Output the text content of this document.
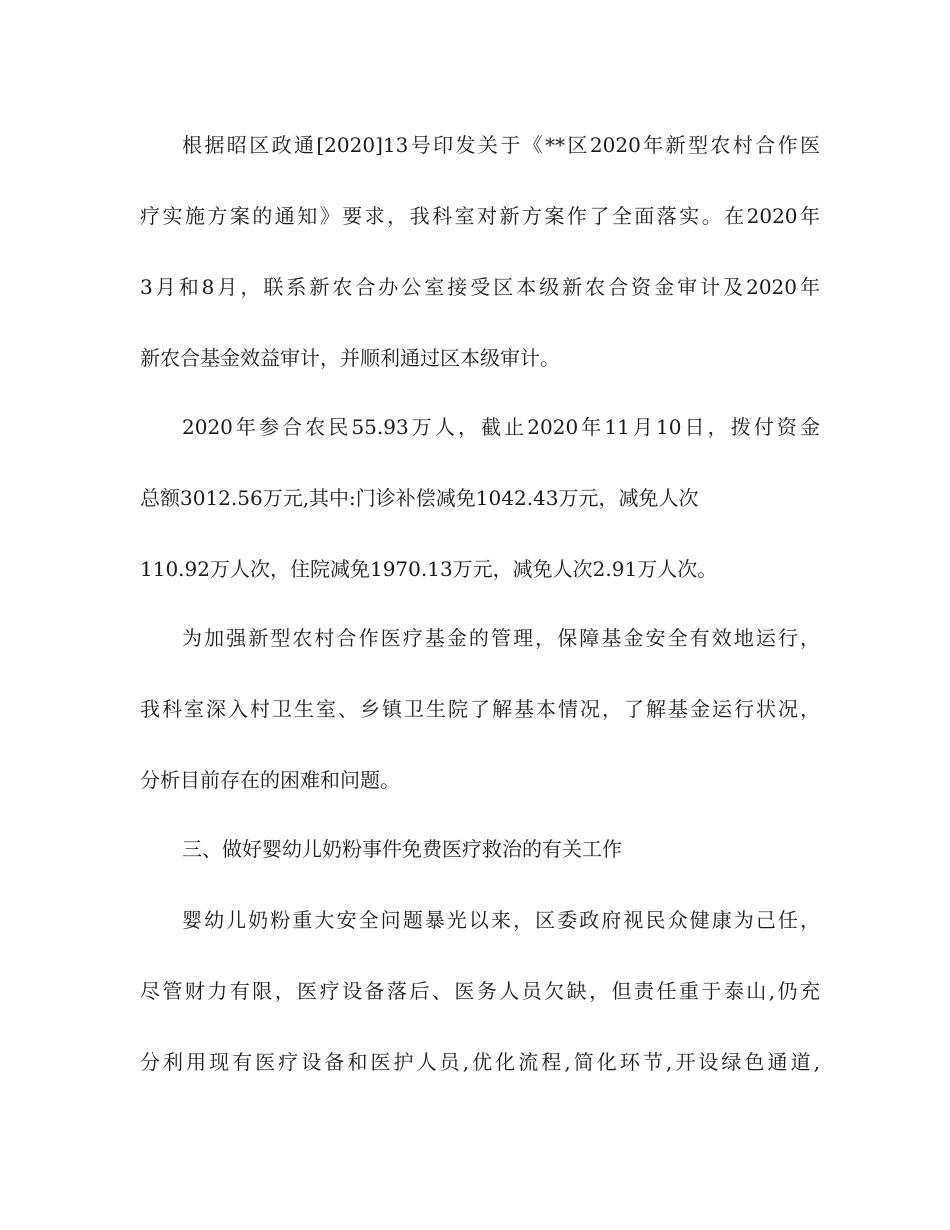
根据昭区政通[2020]13号印发关于《**区2020年新型农村合作医
疗实施方案的通知》要求，我科室对新方案作了全面落实。在2020年
3月和8月，联系新农合办公室接受区本级新农合资金审计及2020年
新农合基金效益审计，并顺利通过区本级审计。
2020年参合农民55.93万人，截止2020年11月10日，拨付资金
总额3012.56万元,其中:门诊补偿减免1042.43万元，减免人次
110.92万人次，住院减免1970.13万元，减免人次2.91万人次。
为加强新型农村合作医疗基金的管理，保障基金安全有效地运行，
我科室深入村卫生室、乡镇卫生院了解基本情况，了解基金运行状况，
分析目前存在的困难和问题。
三、做好婴幼儿奶粉事件免费医疗救治的有关工作
婴幼儿奶粉重大安全问题暴光以来，区委政府视民众健康为己任，
尽管财力有限，医疗设备落后、医务人员欠缺，但责任重于泰山,仍充
分利用现有医疗设备和医护人员,优化流程,简化环节,开设绿色通道,
